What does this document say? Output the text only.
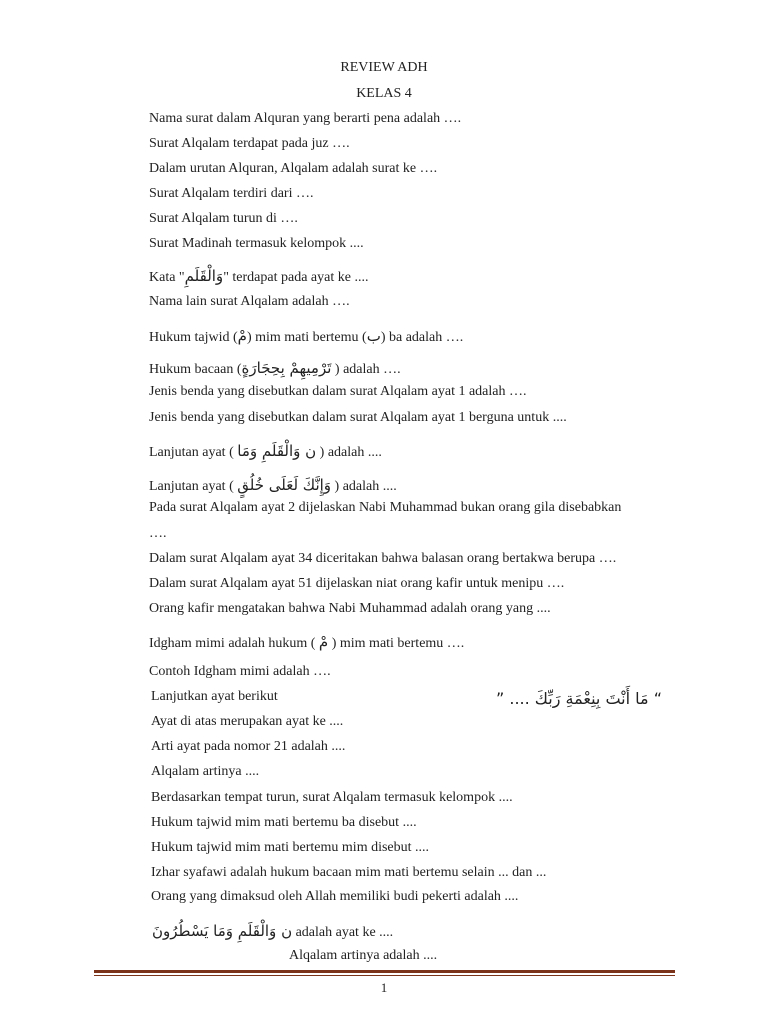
REVIEW ADH
KELAS 4
Nama surat dalam Alquran yang berarti pena adalah ….
Surat Alqalam terdapat pada juz ….
Dalam urutan Alquran, Alqalam adalah surat ke ….
Surat Alqalam terdiri dari ….
Surat Alqalam turun di ….
Surat Madinah termasuk kelompok ....
Kata "وَالْقَلَمِ" terdapat pada ayat ke ....
Nama lain surat Alqalam adalah ….
Hukum tajwid (مْ) mim mati bertemu (ب) ba adalah ….
Hukum bacaan (تَرْمِيهِمْ بِحِجَارَةٍ ) adalah ….
Jenis benda yang disebutkan dalam surat Alqalam ayat 1 adalah ….
Jenis benda yang disebutkan dalam surat Alqalam ayat 1 berguna untuk ....
Lanjutan ayat ( ن وَالْقَلَمِ وَمَا ) adalah ....
Lanjutan ayat ( وَإِنَّكَ لَعَلَى خُلُقٍ ) adalah ....
Pada surat Alqalam ayat 2 dijelaskan Nabi Muhammad bukan orang gila disebabkan
….
Dalam surat Alqalam ayat 34 diceritakan bahwa balasan orang bertakwa berupa ….
Dalam surat Alqalam ayat 51 dijelaskan niat orang kafir untuk menipu ….
Orang kafir mengatakan bahwa Nabi Muhammad adalah orang yang ....
Idgham mimi adalah hukum ( مْ ) mim mati bertemu ….
Contoh Idgham mimi adalah ….
Lanjutkan ayat berikut	“ مَا أَنْتَ بِنِعْمَةِ رَبِّكَ .... ”
Ayat di atas merupakan ayat ke ....
Arti ayat pada nomor 21 adalah ....
Alqalam artinya ....
Berdasarkan tempat turun, surat Alqalam termasuk kelompok ....
Hukum tajwid mim mati bertemu ba disebut ....
Hukum tajwid mim mati bertemu mim disebut ....
Izhar syafawi adalah hukum bacaan mim mati bertemu selain ... dan ...
Orang yang dimaksud oleh Allah memiliki budi pekerti adalah ....
ن وَالْقَلَمِ وَمَا يَسْطُرُونَ adalah ayat ke ....
Alqalam artinya adalah ....
1
